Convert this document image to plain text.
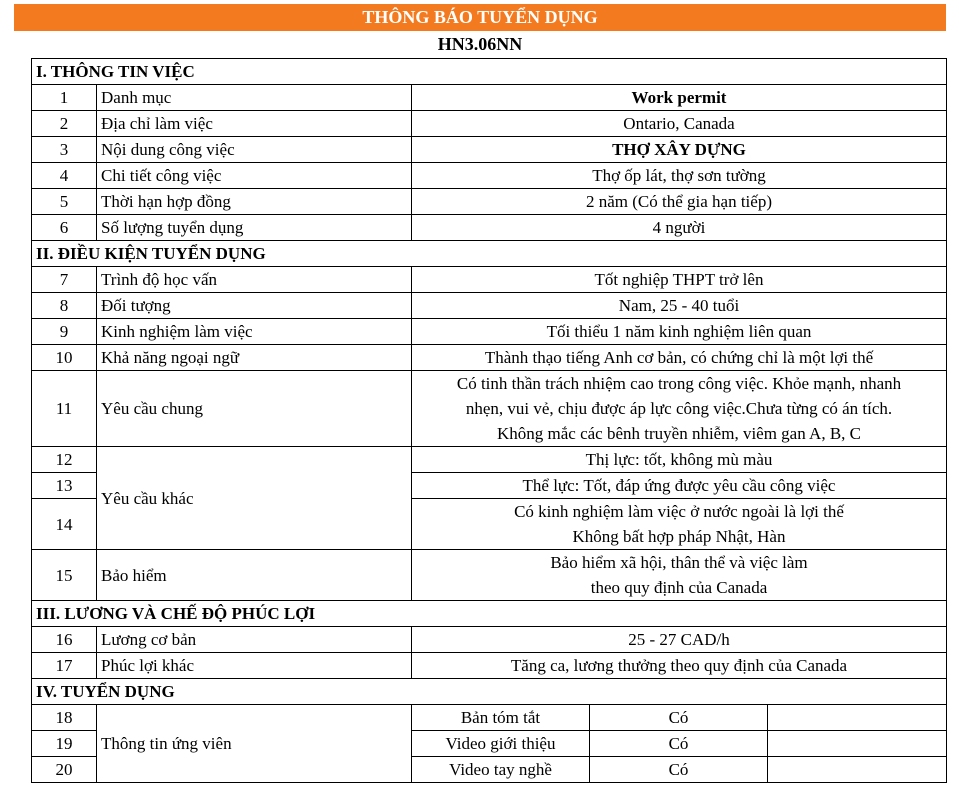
THÔNG BÁO TUYỂN DỤNG
HN3.06NN
I. THÔNG TIN VIỆC				
1	Danh mục	Work permit		
2	Địa chỉ làm việc	Ontario, Canada		
3	Nội dung công việc	THỢ XÂY DỰNG		
4	Chi tiết công việc	Thợ ốp lát, thợ sơn tường		
5	Thời hạn hợp đồng	2 năm (Có thể gia hạn tiếp)		
6	Số lượng tuyển dụng	4 người		
II. ĐIỀU KIỆN TUYỂN DỤNG				
7	Trình độ học vấn	Tốt nghiệp THPT trở lên		
8	Đối tượng	Nam, 25 - 40 tuổi		
9	Kinh nghiệm làm việc	Tối thiểu 1 năm kinh nghiệm liên quan		
10	Khả năng ngoại ngữ	Thành thạo tiếng Anh cơ bản, có chứng chỉ là một lợi thế		
11	Yêu cầu chung	Có tinh thần trách nhiệm cao trong công việc. Khỏe mạnh, nhanh
nhẹn, vui vẻ, chịu được áp lực công việc.Chưa từng có án tích.
Không mắc các bênh truyền nhiễm, viêm gan A, B, C		

12	Yêu cầu khác	Thị lực: tốt, không mù màu		
13		Thể lực: Tốt, đáp ứng được yêu cầu công việc		
14		Có kinh nghiệm làm việc ở nước ngoài là lợi thế
Không bất hợp pháp Nhật, Hàn		

15	Bảo hiểm	Bảo hiểm xã hội, thân thể và việc làm
theo quy định của Canada		

III. LƯƠNG VÀ CHẾ ĐỘ PHÚC LỢI				
16	Lương cơ bản	25 - 27 CAD/h		
17	Phúc lợi khác	Tăng ca, lương thưởng theo quy định của Canada		
IV. TUYỂN DỤNG				
18	Thông tin ứng viên	Bản tóm tắt	Có	
19		Video giới thiệu	Có	
20		Video tay nghề	Có	
